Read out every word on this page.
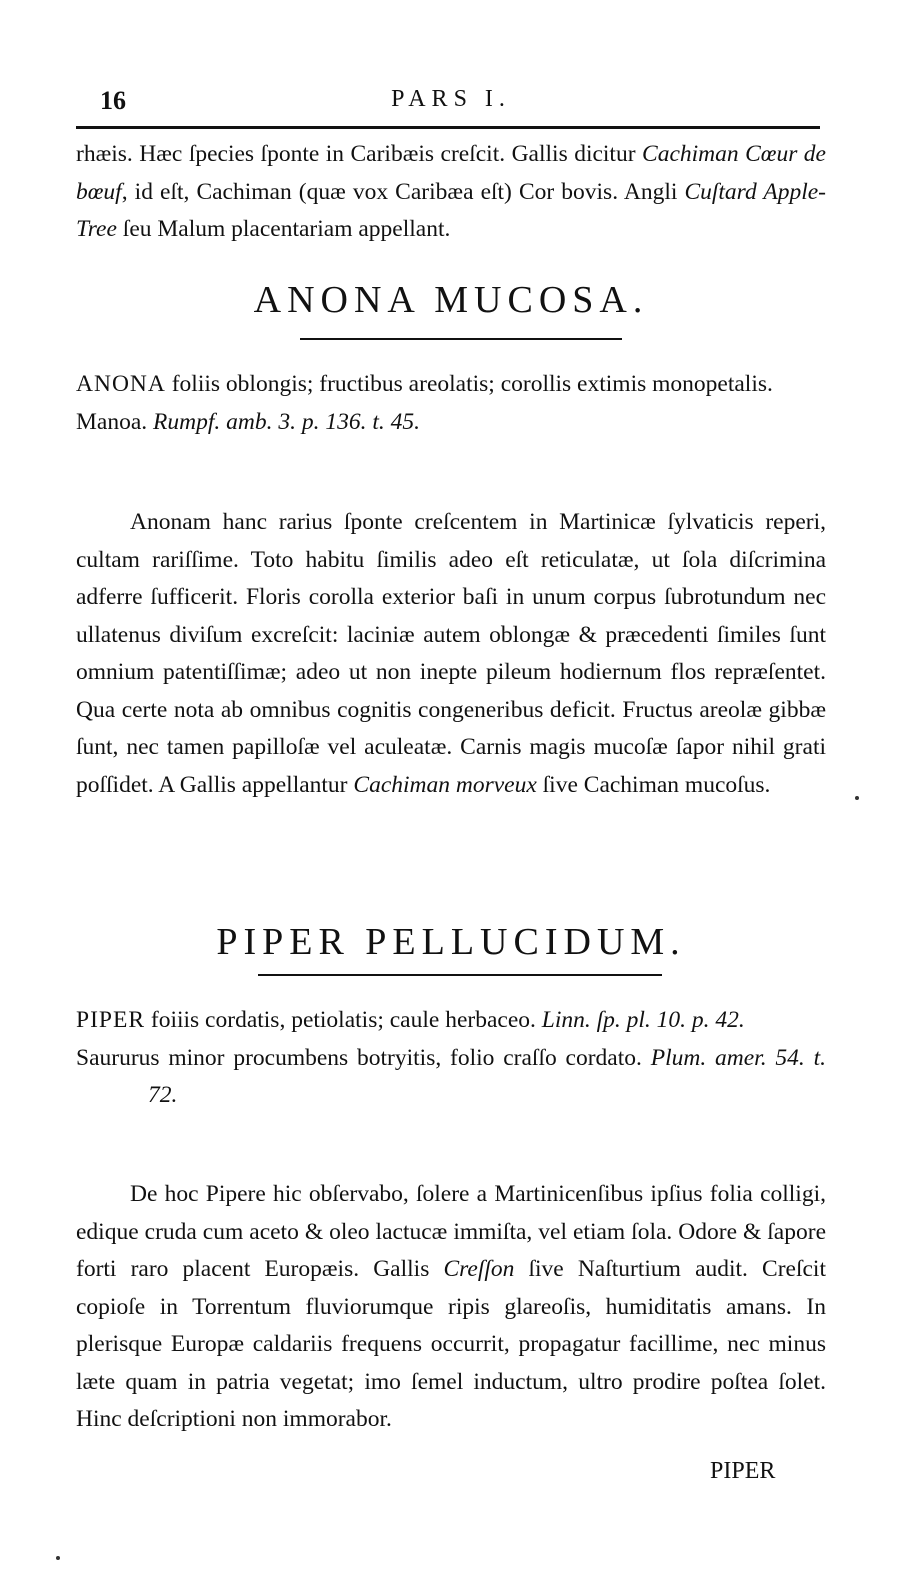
16	PARS I.

rhæis. Hæc ſpecies ſponte in Caribæis creſcit. Gallis dicitur Cachiman Cœur de bœuf, id eſt, Cachiman (quæ vox Caribæa eſt) Cor bovis. Angli Cuſtard Apple-Tree ſeu Malum placentariam appellant.

ANONA MUCOSA.

ANONA foliis oblongis; fructibus areolatis; corollis extimis monopetalis.

Manoa. Rumpf. amb. 3. p. 136. t. 45.

Anonam hanc rarius ſponte creſcentem in Martinicæ ſylvaticis reperi, cultam rariſſime. Toto habitu ſimilis adeo eſt reticulatæ, ut ſola diſcrimina adferre ſufficerit. Floris corolla exterior baſi in unum corpus ſubrotundum nec ullatenus diviſum excreſcit: laciniæ autem oblongæ & præcedenti ſimiles ſunt omnium patentiſſimæ; adeo ut non inepte pileum hodiernum flos repræſentet. Qua certe nota ab omnibus cognitis congeneribus deficit. Fructus areolæ gibbæ ſunt, nec tamen papilloſæ vel aculeatæ. Carnis magis mucoſæ ſapor nihil grati poſſidet. A Gallis appellantur Cachiman morveux ſive Cachiman mucoſus.

PIPER PELLUCIDUM.

PIPER foiiis cordatis, petiolatis; caule herbaceo. Linn. ſp. pl. 10. p. 42.

Saururus minor procumbens botryitis, folio craſſo cordato. Plum. amer. 54. t. 72.

De hoc Pipere hic obſervabo, ſolere a Martinicenſibus ipſius folia colligi, edique cruda cum aceto & oleo lactucæ immiſta, vel etiam ſola. Odore & ſapore forti raro placent Europæis. Gallis Creſſon ſive Naſturtium audit. Creſcit copioſe in Torrentum fluviorumque ripis glareoſis, humiditatis amans. In plerisque Europæ caldariis frequens occurrit, propagatur facillime, nec minus læte quam in patria vegetat; imo ſemel inductum, ultro prodire poſtea ſolet. Hinc deſcriptioni non immorabor.

PIPER
